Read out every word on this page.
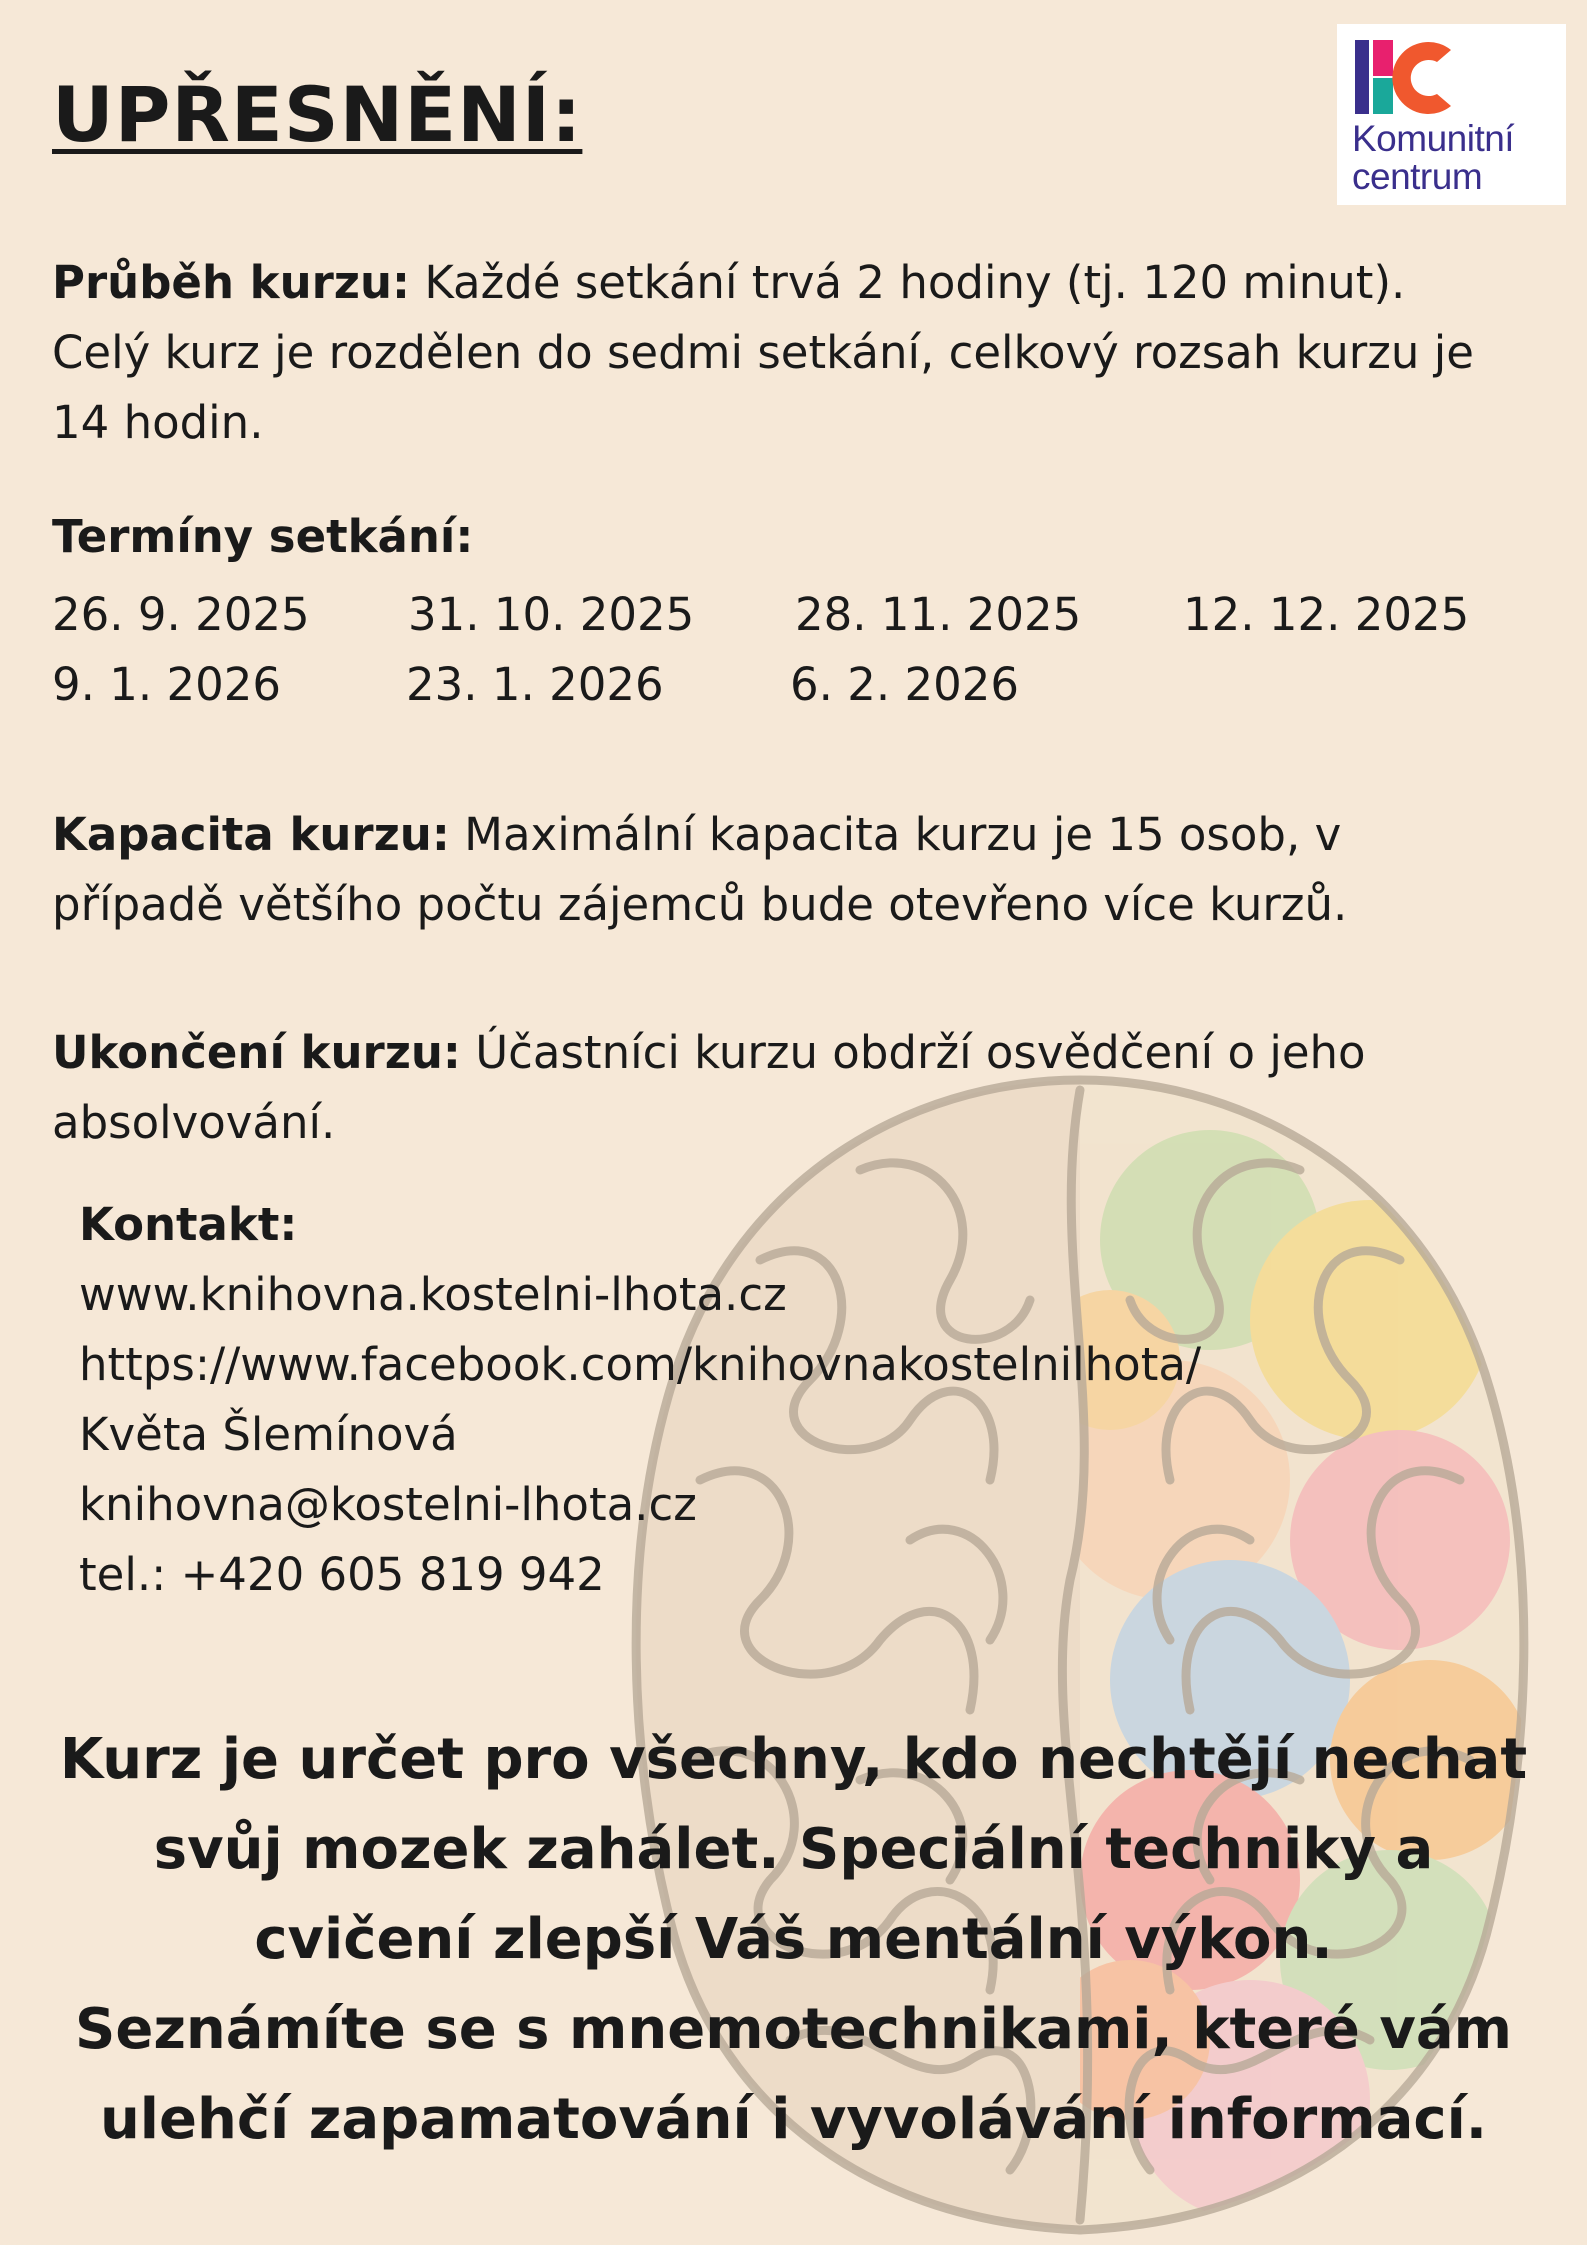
UPŘESNĚNÍ:	Komunitní
centrum
Průběh kurzu: Každé setkání trvá 2 hodiny (tj. 120 minut).
Celý kurz je rozdělen do sedmi setkání, celkový rozsah kurzu je
14 hodin.
Termíny setkání:
26. 9. 2025 31. 10. 2025 28. 11. 2025 12. 12. 2025
9. 1. 2026	23. 1. 2026	6. 2. 2026
Kapacita kurzu: Maximální kapacita kurzu je 15 osob, v
případě většího počtu zájemců bude otevřeno více kurzů.
Ukončení kurzu: Účastníci kurzu obdrží osvědčení o jeho
absolvování.
Kontakt:
www.knihovna.kostelni-lhota.cz
https://www.facebook.com/knihovnakostelnilhota/
Květa Šlemínová
knihovna@kostelni-lhota.cz
tel.: +420 605 819 942
Kurz je určet pro všechny, kdo nechtějí nechat
svůj mozek zahálet. Speciální techniky a
cvičení zlepší Váš mentální výkon.
Seznámíte se s mnemotechnikami, které vám
ulehčí zapamatování i vyvolávání informací.
